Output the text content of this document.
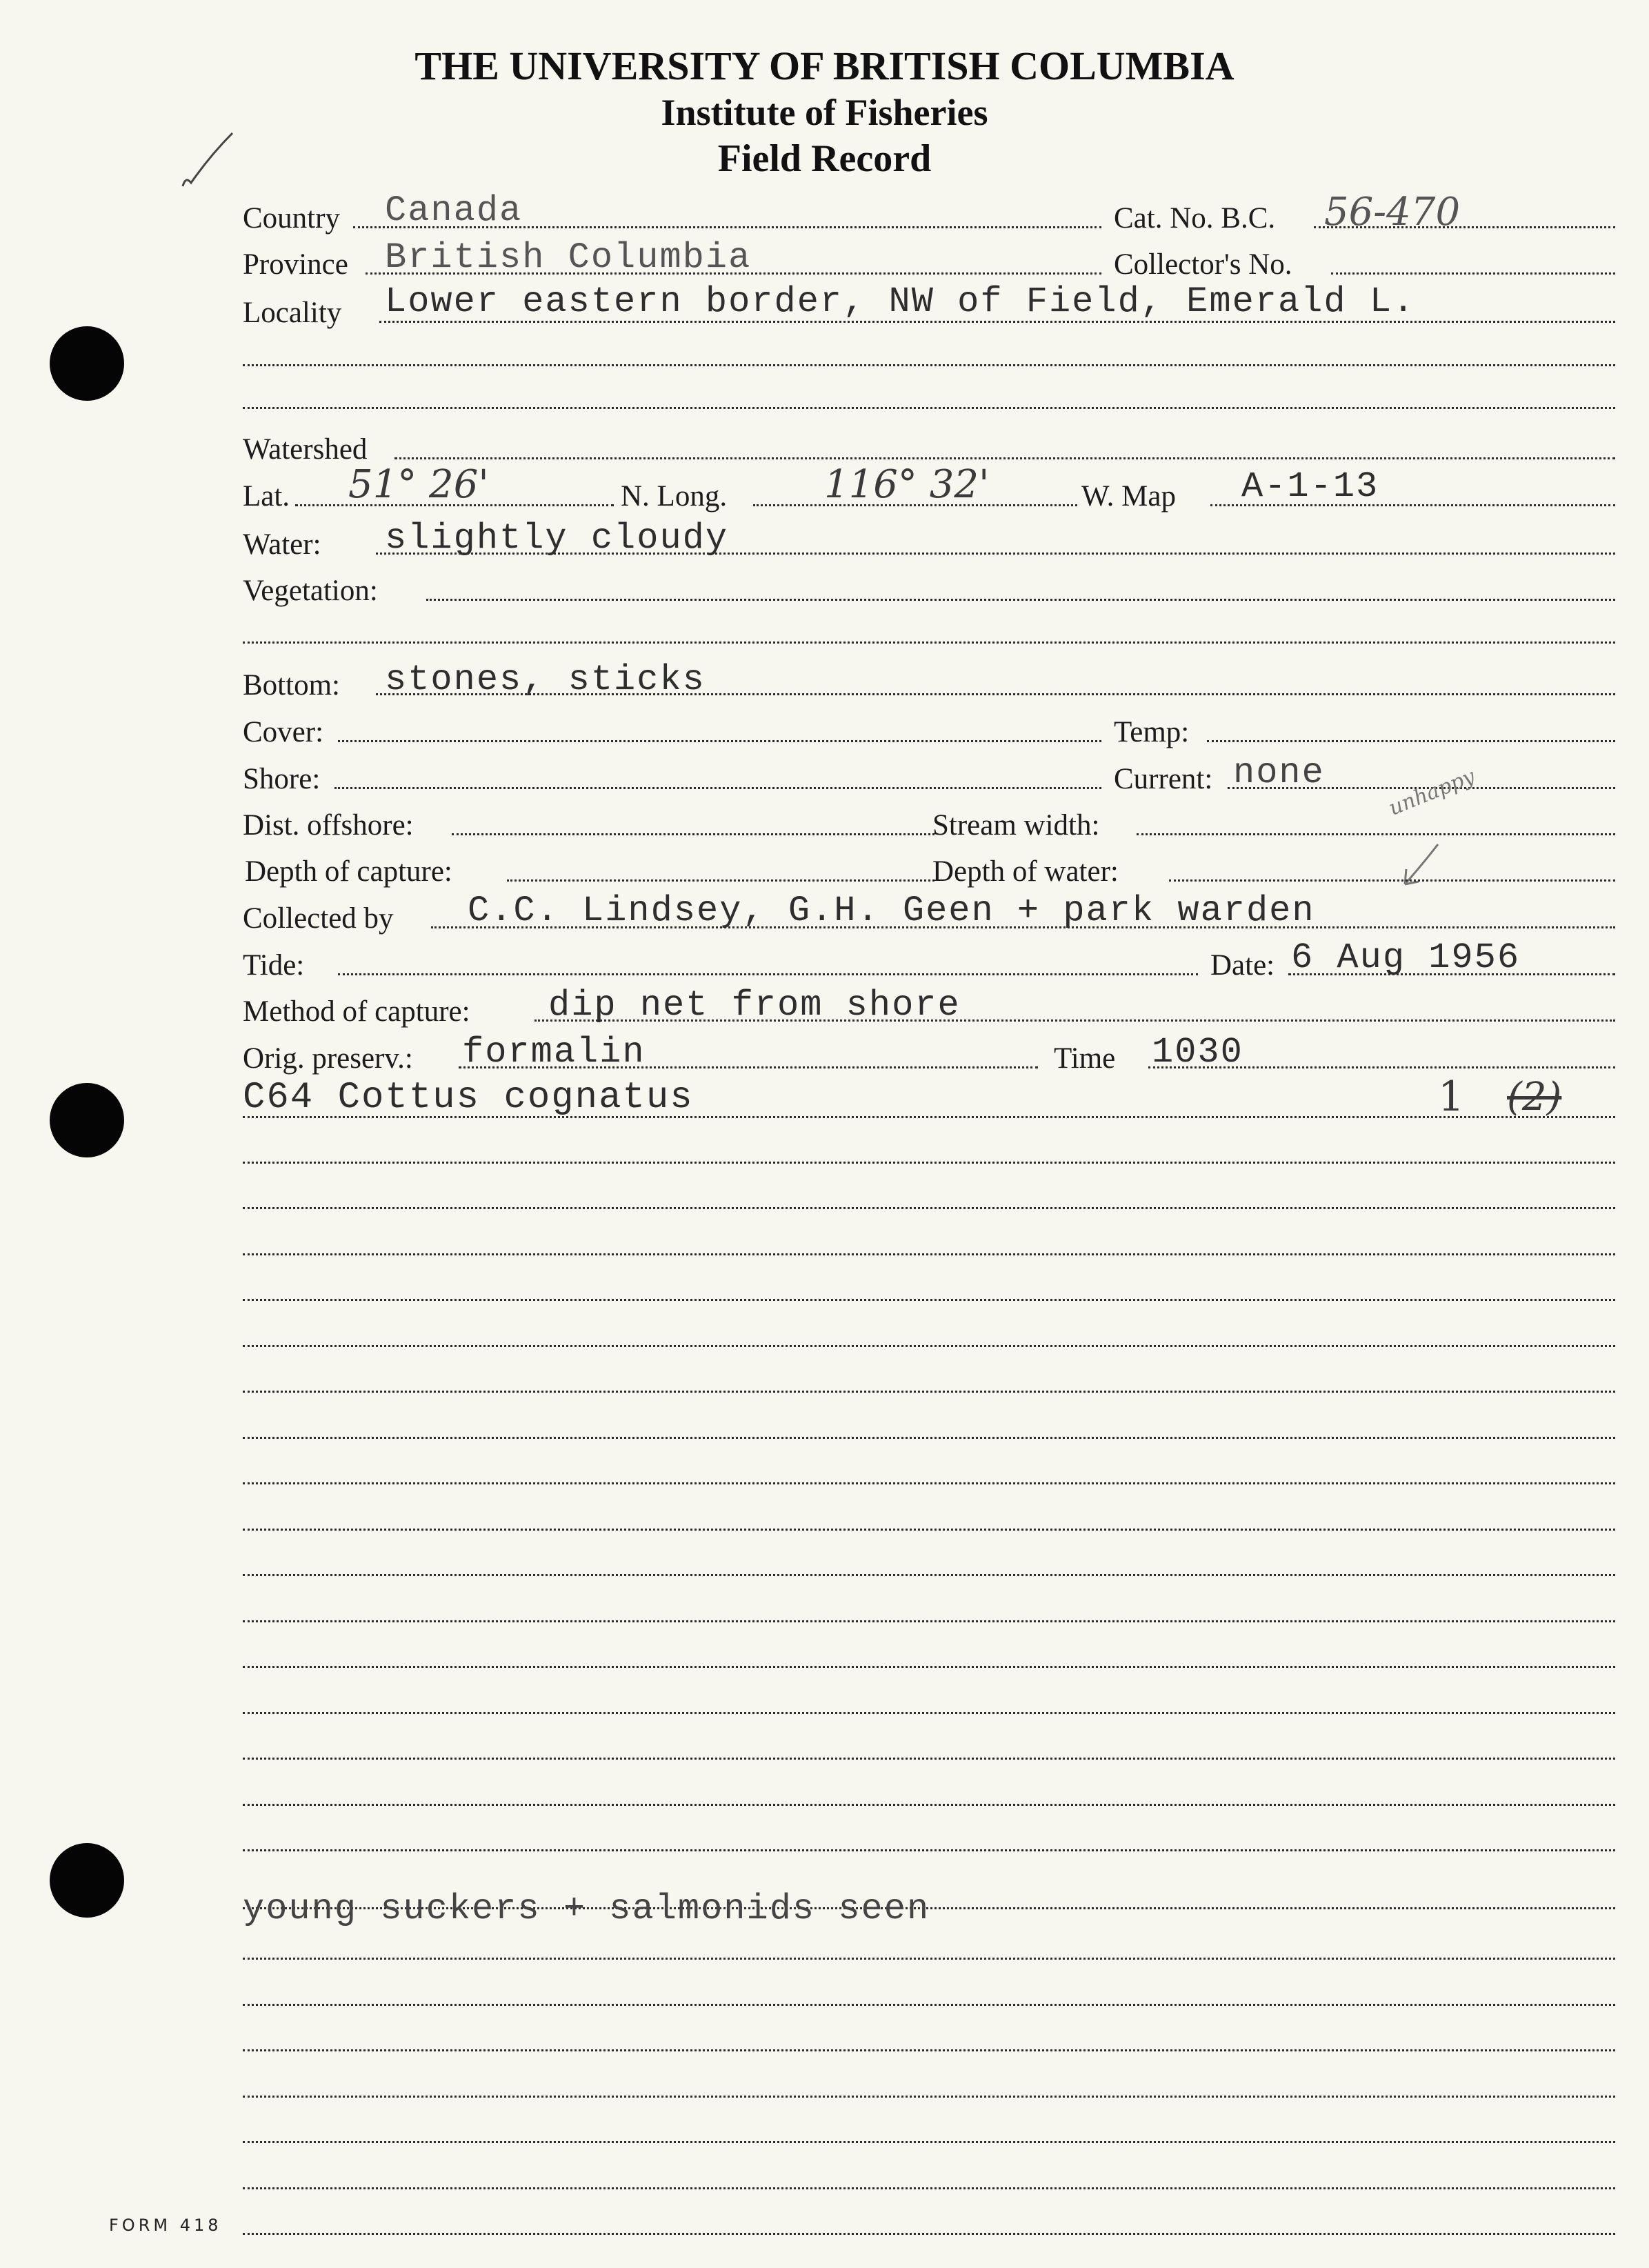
THE UNIVERSITY OF BRITISH COLUMBIA
Institute of Fisheries
Field Record
Country Canada	Cat. No. B.C. 56-470
Province British Columbia	Collector's No.
Locality Lower eastern border, NW of Field, Emerald L.
Watershed
Lat. 51° 26'	N. Long.	116° 32'	W. Map A-1-13
Water: slightly cloudy
Vegetation:
Bottom: stones, sticks
Cover:	Temp:
Shore:	Current: none	unhappy
Dist. offshore:	Stream width:
Depth of capture:	Depth of water:
Collected by C.C. Lindsey, G.H. Geen + park warden
Tide:	Date: 6 Aug 1956
Method of capture: dip net from shore
Orig. preserv.: formalin	Time 1030
C64 Cottus cognatus	1 (2)
young suckers + salmonids seen
FORM 418
